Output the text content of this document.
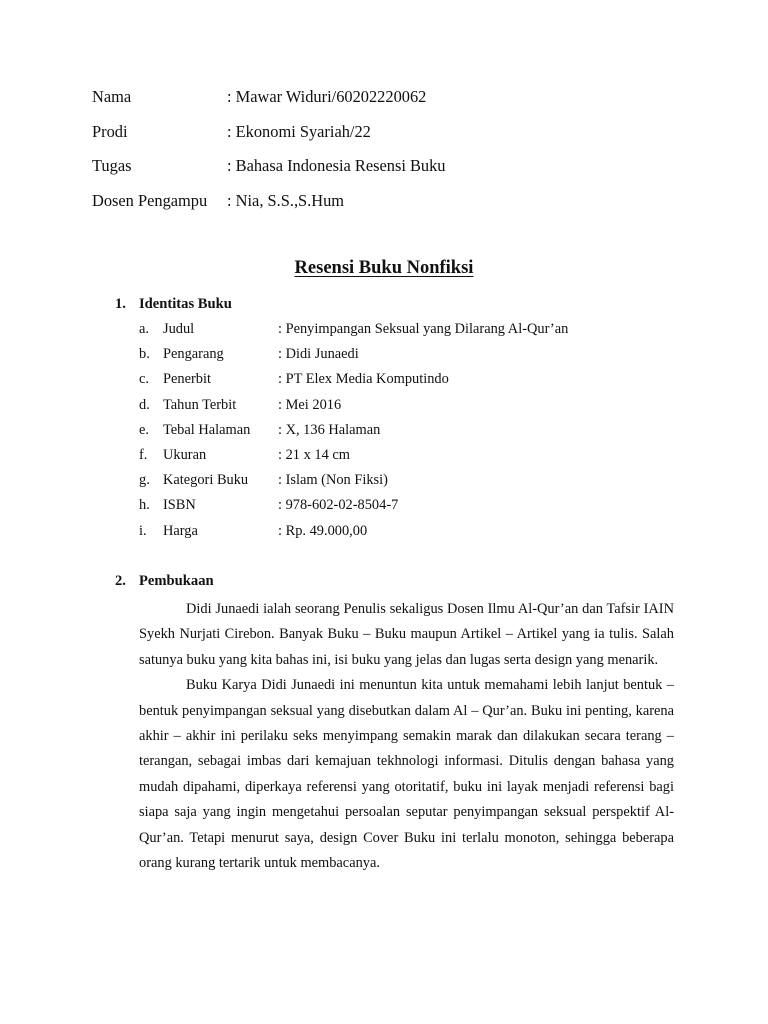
Nama	: Mawar Widuri/60202220062
Prodi	: Ekonomi Syariah/22
Tugas	: Bahasa Indonesia Resensi Buku
Dosen Pengampu	: Nia, S.S.,S.Hum
Resensi Buku Nonfiksi
1. Identitas Buku
a. Judul	: Penyimpangan Seksual yang Dilarang Al-Qur’an
b. Pengarang	: Didi Junaedi
c. Penerbit	: PT Elex Media Komputindo
d. Tahun Terbit	: Mei 2016
e. Tebal Halaman	: X, 136 Halaman
f.	Ukuran	: 21 x 14 cm
g. Kategori Buku	: Islam (Non Fiksi)
h. ISBN	: 978-602-02-8504-7
i.	Harga	: Rp. 49.000,00
2. Pembukaan

Didi Junaedi ialah seorang Penulis sekaligus Dosen Ilmu Al-Qur’an dan Tafsir IAIN Syekh Nurjati Cirebon. Banyak Buku – Buku maupun Artikel – Artikel yang ia tulis. Salah satunya buku yang kita bahas ini, isi buku yang jelas dan lugas serta design yang menarik.

Buku Karya Didi Junaedi ini menuntun kita untuk memahami lebih lanjut bentuk – bentuk penyimpangan seksual yang disebutkan dalam Al – Qur’an. Buku ini penting, karena akhir – akhir ini perilaku seks menyimpang semakin marak dan dilakukan secara terang – terangan, sebagai imbas dari kemajuan tekhnologi informasi. Ditulis dengan bahasa yang mudah dipahami, diperkaya referensi yang otoritatif, buku ini layak menjadi referensi bagi siapa saja yang ingin mengetahui persoalan seputar penyimpangan seksual perspektif Al-Qur’an. Tetapi menurut saya, design Cover Buku ini terlalu monoton, sehingga beberapa orang kurang tertarik untuk membacanya.
